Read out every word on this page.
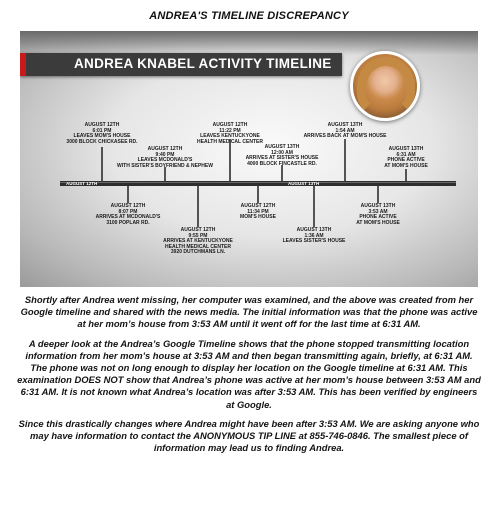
ANDREA'S TIMELINE DISCREPANCY
ANDREA KNABEL ACTIVITY TIMELINE
AUGUST 12TH	AUGUST 13TH
AUGUST 12TH
6:01 PM
LEAVES MOM'S HOUSE
3000 BLOCK CHICKASEE RD.
AUGUST 12TH
9:40 PM
LEAVES MCDONALD'S
WITH SISTER'S BOYFRIEND & NEPHEW
AUGUST 12TH
11:22 PM
LEAVES KENTUCKYONE
HEALTH MEDICAL CENTER
AUGUST 13TH
12:00 AM
ARRIVES AT SISTER'S HOUSE
4000 BLOCK FINCASTLE RD.
AUGUST 13TH
1:54 AM
ARRIVES BACK AT MOM'S HOUSE
AUGUST 13TH
6:31 AM
PHONE ACTIVE
AT MOM'S HOUSE
AUGUST 12TH
8:07 PM
ARRIVES AT MCDONALD'S
3100 POPLAR RD.
AUGUST 12TH
9:55 PM
ARRIVES AT KENTUCKYONE
HEALTH MEDICAL CENTER
3920 DUTCHMANS LN.
AUGUST 12TH
11:34 PM
MOM'S HOUSE
AUGUST 13TH
1:36 AM
LEAVES SISTER'S HOUSE
AUGUST 13TH
3:53 AM
PHONE ACTIVE
AT MOM'S HOUSE

Shortly after Andrea went missing, her computer was examined, and the above was created from her Google timeline and shared with the news media. The initial information was that the phone was active at her mom’s house from 3:53 AM until it went off for the last time at 6:31 AM.

A deeper look at the Andrea’s Google Timeline shows that the phone stopped transmitting location information from her mom’s house at 3:53 AM and then began transmitting again, briefly, at 6:31 AM. The phone was not on long enough to display her location on the Google timeline at 6:31 AM. This examination DOES NOT show that Andrea’s phone was active at her mom’s house between 3:53 AM and 6:31 AM. It is not known what Andrea’s location was after 3:53 AM. This has been verified by engineers at Google.

Since this drastically changes where Andrea might have been after 3:53 AM. We are asking anyone who may have information to contact the ANONYMOUS TIP LINE at 855-746-0846. The smallest piece of information may lead us to finding Andrea.
